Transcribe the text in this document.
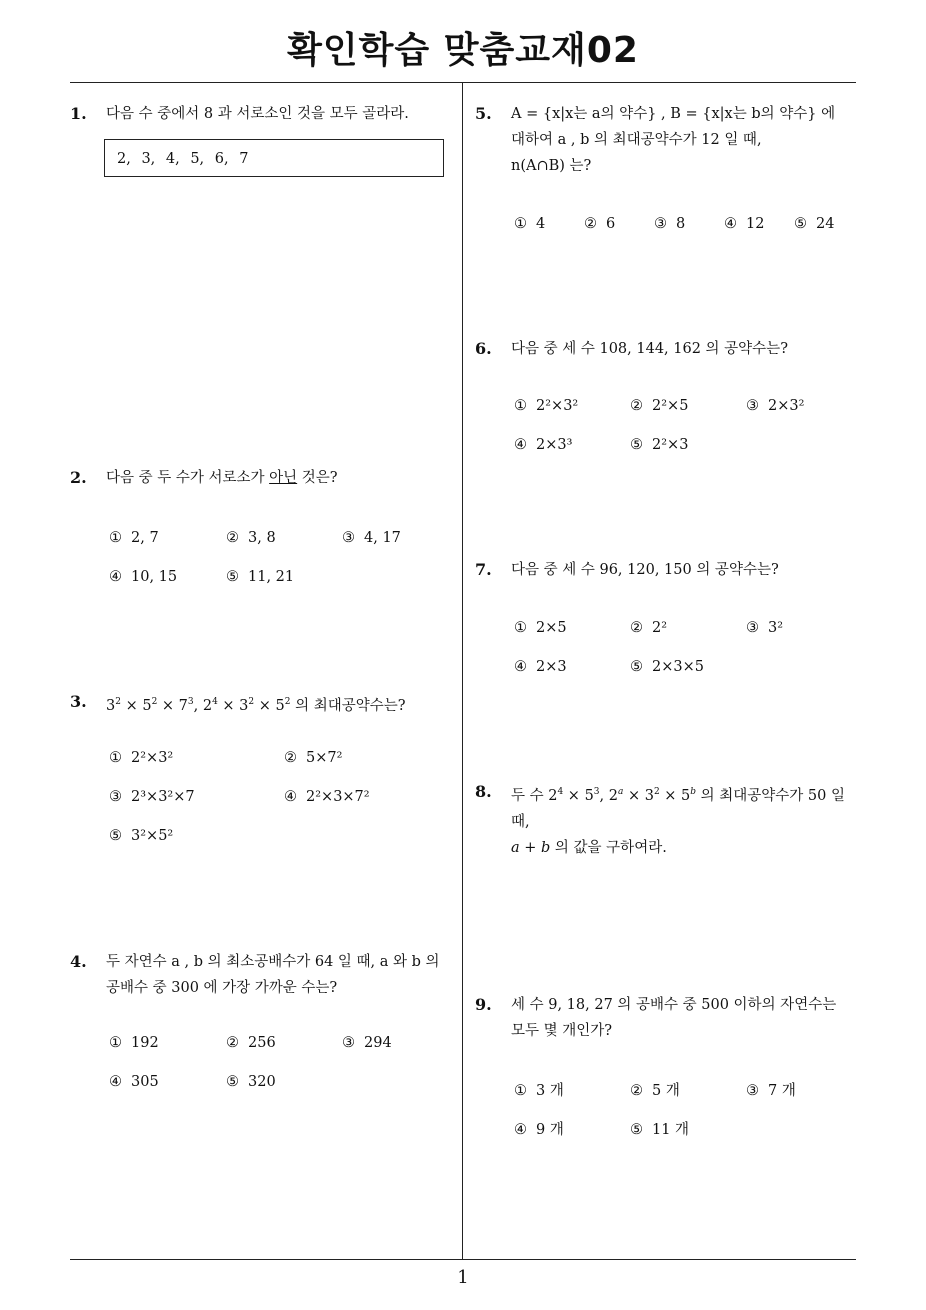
확인학습 맞춤교재02
1
1. 다음 수 중에서 8 과 서로소인 것을 모두 골라라.
2, 3, 4, 5, 6, 7
2. 다음 중 두 수가 서로소가 아닌 것은?
① 2, 7	② 3, 8	③ 4, 17
④ 10, 15	⑤ 11, 21
3. $3^2 \times 5^2 \times 7^3$, $2^4 \times 3^2 \times 5^2$ 의 최대공약수는?
① 2²×3²	② 5×7²
③ 2³×3²×7	④ 2²×3×7²
⑤ 3²×5²
4. 두 자연수 a , b 의 최소공배수가 64 일 때, a 와 b 의
공배수 중 300 에 가장 가까운 수는?
① 192	② 256	③ 294
④ 305	⑤ 320
5. A = {x|x는 a의 약수} , B = {x|x는 b의 약수} 에
대하여 a , b 의 최대공약수가 12 일 때,
n(A∩B) 는?
① 4	② 6	③ 8	④ 12 ⑤ 24
6. 다음 중 세 수 108, 144, 162 의 공약수는?
① 2²×3²	② 2²×5	③ 2×3²
④ 2×3³	⑤ 2²×3
7. 다음 중 세 수 96, 120, 150 의 공약수는?
① 2×5	② 2²	③ 3²
④ 2×3	⑤ 2×3×5
8. 두 수 $2^4 \times 5^3$, $2^a \times 3^2 \times 5^b$ 의 최대공약수가 50 일 때,
a + b 의 값을 구하여라.
9. 세 수 9, 18, 27 의 공배수 중 500 이하의 자연수는
모두 몇 개인가?
① 3 개	② 5 개	③ 7 개
④ 9 개	⑤ 11 개
